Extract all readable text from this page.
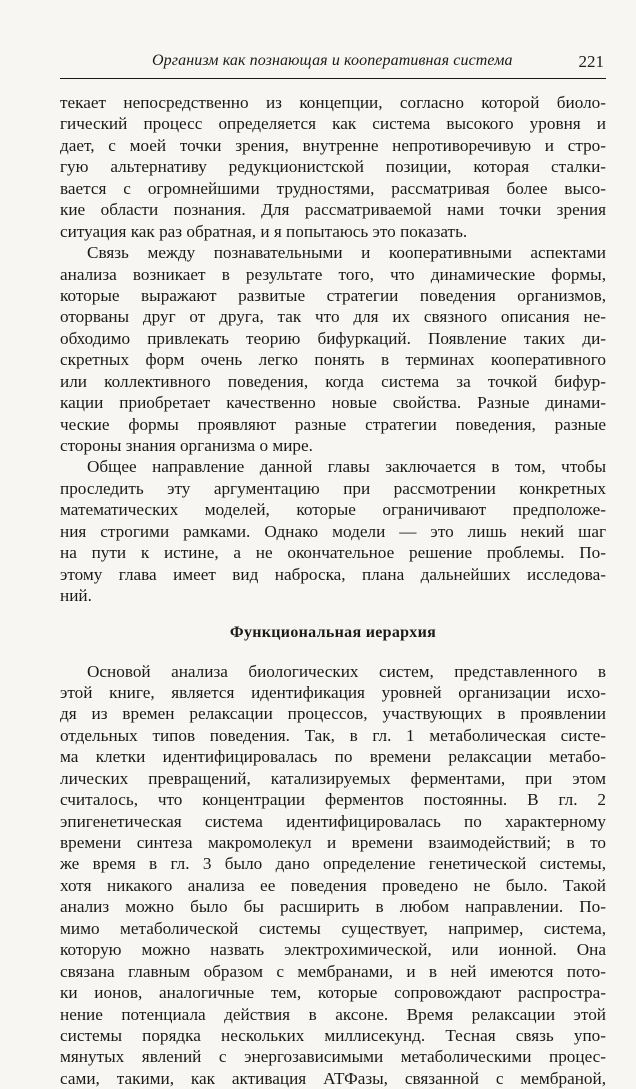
Организм как познающая и кооперативная система	221
текает непосредственно из концепции, согласно которой биоло-
гический процесс определяется как система высокого уровня и
дает, с моей точки зрения, внутренне непротиворечивую и стро-
гую альтернативу редукционистской позиции, которая сталки-
вается с огромнейшими трудностями, рассматривая более высо-
кие области познания. Для рассматриваемой нами точки зрения
ситуация как раз обратная, и я попытаюсь это показать.
Связь между познавательными и кооперативными аспектами
анализа возникает в результате того, что динамические формы,
которые выражают развитые стратегии поведения организмов,
оторваны друг от друга, так что для их связного описания не-
обходимо привлекать теорию бифуркаций. Появление таких ди-
скретных форм очень легко понять в терминах кооперативного
или коллективного поведения, когда система за точкой бифур-
кации приобретает качественно новые свойства. Разные динами-
ческие формы проявляют разные стратегии поведения, разные
стороны знания организма о мире.
Общее направление данной главы заключается в том, чтобы
проследить эту аргументацию при рассмотрении конкретных
математических моделей, которые ограничивают предположе-
ния строгими рамками. Однако модели — это лишь некий шаг
на пути к истине, а не окончательное решение проблемы. По-
этому глава имеет вид наброска, плана дальнейших исследова-
ний.
Функциональная иерархия
Основой анализа биологических систем, представленного в
этой книге, является идентификация уровней организации исхо-
дя из времен релаксации процессов, участвующих в проявлении
отдельных типов поведения. Так, в гл. 1 метаболическая систе-
ма клетки идентифицировалась по времени релаксации метабо-
лических превращений, катализируемых ферментами, при этом
считалось, что концентрации ферментов постоянны. В гл. 2
эпигенетическая система идентифицировалась по характерному
времени синтеза макромолекул и времени взаимодействий; в то
же время в гл. 3 было дано определение генетической системы,
хотя никакого анализа ее поведения проведено не было. Такой
анализ можно было бы расширить в любом направлении. По-
мимо метаболической системы существует, например, система,
которую можно назвать электрохимической, или ионной. Она
связана главным образом с мембранами, и в ней имеются пото-
ки ионов, аналогичные тем, которые сопровождают распростра-
нение потенциала действия в аксоне. Время релаксации этой
системы порядка нескольких миллисекунд. Тесная связь упо-
мянутых явлений с энергозависимыми метаболическими процес-
сами, такими, как активация АТФазы, связанной с мембраной,
